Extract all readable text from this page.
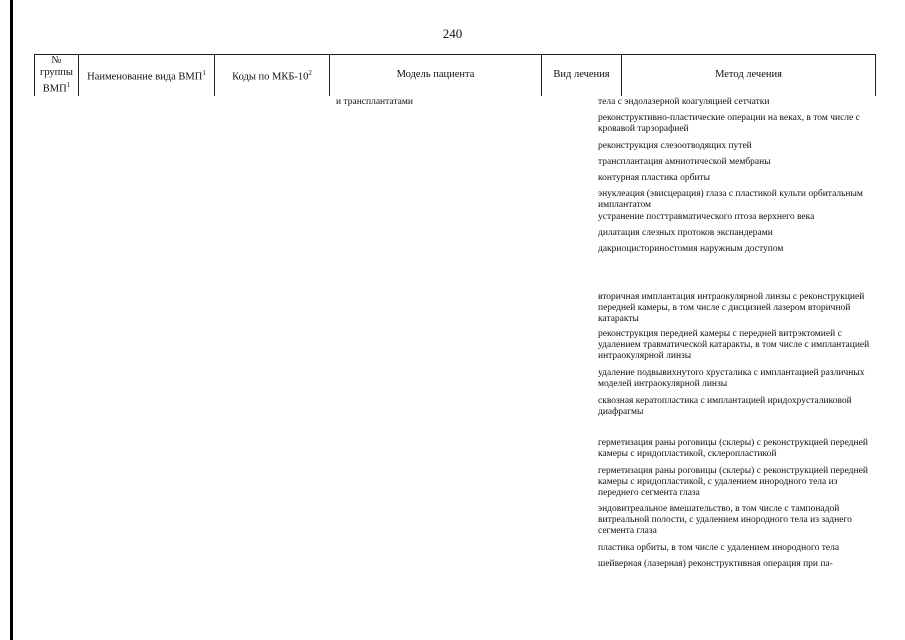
240
№ группы ВМП$^1$	Наименование вида ВМП$^1$	Коды по МКБ-$10^2$	Модель пациента	Вид лечения	Метод лечения
и трансплантатами	тела с эндолазерной коагуляцией сетчатки
реконструктивно-пластические операции на веках, в том числе с кровавой тарзорафией
реконструкция слезоотводящих путей
трансплантация амниотической мембраны
контурная пластика орбиты
энуклеация (эвисцерация) глаза с пластикой культи орбитальным имплантатом
устранение посттравматического птоза верхнего века
дилатация слезных протоков экспандерами
дакриоцисториностомия наружным доступом
вторичная имплантация интраокулярной линзы с реконструкцией передней камеры, в том числе с дисцизией лазером вторичной катаракты
реконструкция передней камеры с передней витрэктомией с удалением травматической катаракты, в том числе с имплантацией интраокулярной линзы
удаление подвывихнутого хрусталика с имплантацией различных моделей интраокулярной линзы
сквозная кератопластика с имплантацией иридохрусталиковой диафрагмы
герметизация раны роговицы (склеры) с реконструкцией передней камеры с иридопластикой, склеропластикой
герметизация раны роговицы (склеры) с реконструкцией передней камеры с иридопластикой, с удалением инородного тела из переднего сегмента глаза
эндовитреальное вмешательство, в том числе с тампонадой витреальной полости, с удалением инородного тела из заднего сегмента глаза
пластика орбиты, в том числе с удалением инородного тела
шейверная (лазерная) реконструктивная операция при па-
